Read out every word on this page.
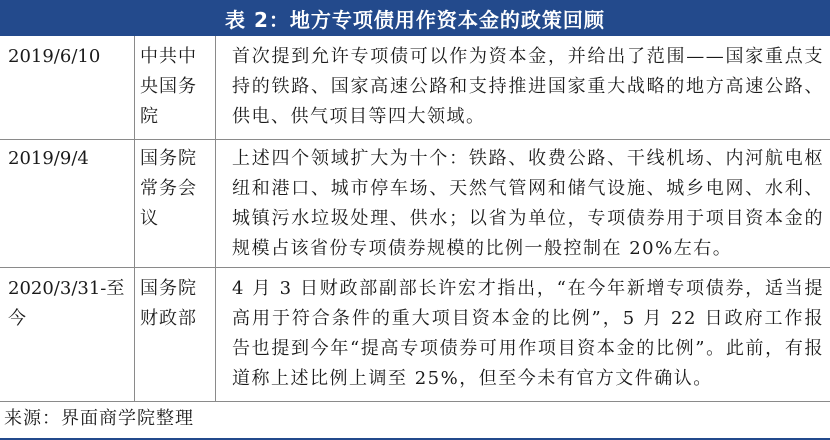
表 2：地方专项债用作资本金的政策回顾
2019/6/10	中共中央国务院
首次提到允许专项债可以作为资本金，并给出了范围——国家重点支持的铁路、国家高速公路和支持推进国家重大战略的地方高速公路、供电、供气项目等四大领域。
2019/9/4	国务院常务会议
上述四个领域扩大为十个：铁路、收费公路、干线机场、内河航电枢纽和港口、城市停车场、天然气管网和储气设施、城乡电网、水利、城镇污水垃圾处理、供水；以省为单位，专项债券用于项目资本金的规模占该省份专项债券规模的比例一般控制在 20%左右。
2020/3/31-至今
国务院财政部
4 月 3 日财政部副部长许宏才指出，“在今年新增专项债券，适当提高用于符合条件的重大项目资本金的比例”，5 月 22 日政府工作报告也提到今年“提高专项债券可用作项目资本金的比例”。此前，有报道称上述比例上调至 25%，但至今未有官方文件确认。
来源：界面商学院整理
